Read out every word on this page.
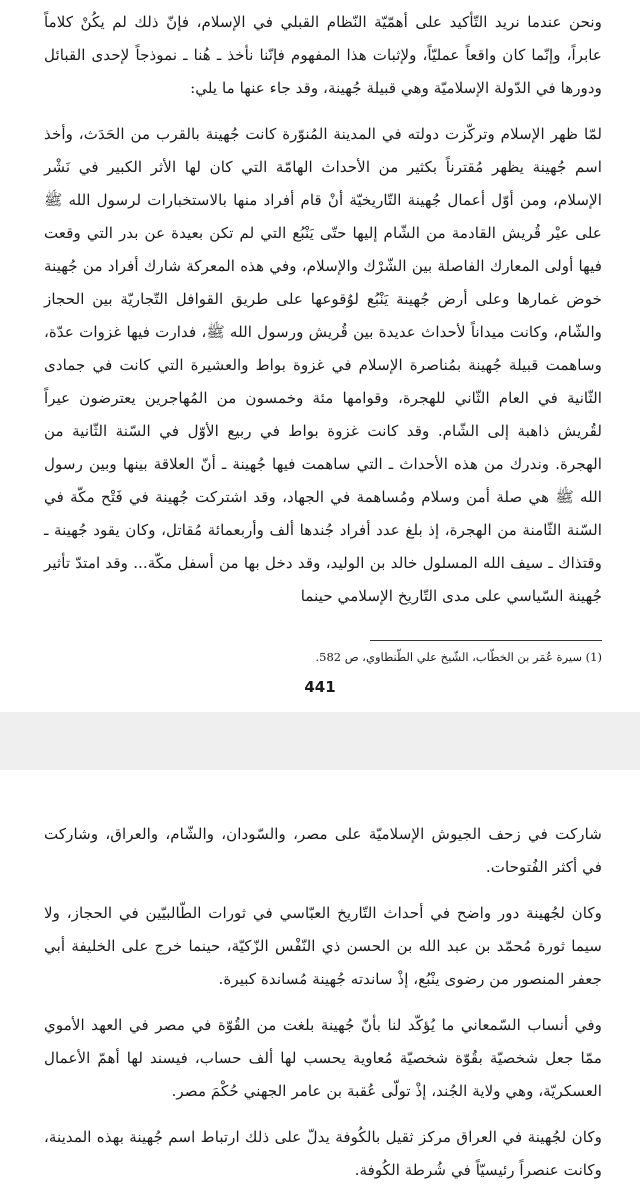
ونحن عندما نريد التّأكيد على أهمّيّة النّظام القبلي في الإسلام، فإنّ ذلك لم يكُنْ كلاماً عابراً، وإنّما كان واقعاً عمليّاً، ولإثبات هذا المفهوم فإنّنا نأخذ ـ هُنا ـ نموذجاً لإحدى القبائل ودورها في الدّولة الإسلاميّة وهي قبيلة جُهينة، وقد جاء عنها ما يلي:

لمّا ظهر الإسلام وتركّزت دولته في المدينة المُنوّرة كانت جُهينة بالقرب من الحَدَث، وأخذ اسم جُهينة يظهر مُقترناً بكثير من الأحداث الهامّة التي كان لها الأثر الكبير في نَشْر الإسلام، ومن أوّل أعمال جُهينة التّاريخيّة أنْ قام أفراد منها بالاستخبارات لرسول الله ﷺ على عيْر قُريش القادمة من الشّام إليها حتّى يَنْبُع التي لم تكن بعيدة عن بدر التي وقعت فيها أولى المعارك الفاصلة بين الشّرْك والإسلام، وفي هذه المعركة شارك أفراد من جُهينة خوض غمارها وعلى أرض جُهينة يَنْبُع لوُقوعها على طريق القوافل التّجاريّة بين الحجاز والشّام، وكانت ميداناً لأحداث عديدة بين قُريش ورسول الله ﷺ، فدارت فيها غزوات عدّة، وساهمت قبيلة جُهينة بمُناصرة الإسلام في غزوة بواط والعشيرة التي كانت في جمادى الثّانية في العام الثّاني للهجرة، وقوامها مئة وخمسون من المُهاجرين يعترضون عيراً لقُريش ذاهبة إلى الشّام. وقد كانت غزوة بواط في ربيع الأوّل في السّنة الثّانية من الهجرة. وندرك من هذه الأحداث ـ التي ساهمت فيها جُهينة ـ أنّ العلاقة بينها وبين رسول الله ﷺ هي صلة أمن وسلام ومُساهمة في الجهاد، وقد اشتركت جُهينة في فَتْح مكّة في السّنة الثّامنة من الهجرة، إذ بلغ عدد أفراد جُندها ألف وأربعمائة مُقاتل، وكان يقود جُهينة ـ وقتذاك ـ سيف الله المسلول خالد بن الوليد، وقد دخل بها من أسفل مكّة... وقد امتدّ تأثير جُهينة السّياسي على مدى التّاريخ الإسلامي حينما

(1) سيرة عُمَر بن الخطّاب، الشّيخ علي الطّنطاوي، ص 582.
441

شاركت في زحف الجيوش الإسلاميّة على مصر، والسّودان، والشّام، والعراق، وشاركت في أكثر الفُتوحات.

وكان لجُهينة دور واضح في أحداث التّاريخ العبّاسي في ثورات الطّالبيّين في الحجاز، ولا سيما ثورة مُحمّد بن عبد الله بن الحسن ذي النّفْس الزّكيّة، حينما خرج على الخليفة أبي جعفر المنصور من رضوى ينْبُع، إذْ ساندته جُهينة مُساندة كبيرة.

وفي أنساب السّمعاني ما يُؤكّد لنا بأنّ جُهينة بلغت من القُوّة في مصر في العهد الأموي ممّا جعل شخصيّة بقُوّة شخصيّة مُعاوية يحسب لها ألف حساب، فيسند لها أهمّ الأعمال العسكريّة، وهي ولاية الجُند، إذْ تولّى عُقبة بن عامر الجهني حُكْمَ مصر.

وكان لجُهينة في العراق مركز ثقيل بالكُوفة يدلّ على ذلك ارتباط اسم جُهينة بهذه المدينة، وكانت عنصراً رئيسيّاً في شُرطة الكُوفة.
